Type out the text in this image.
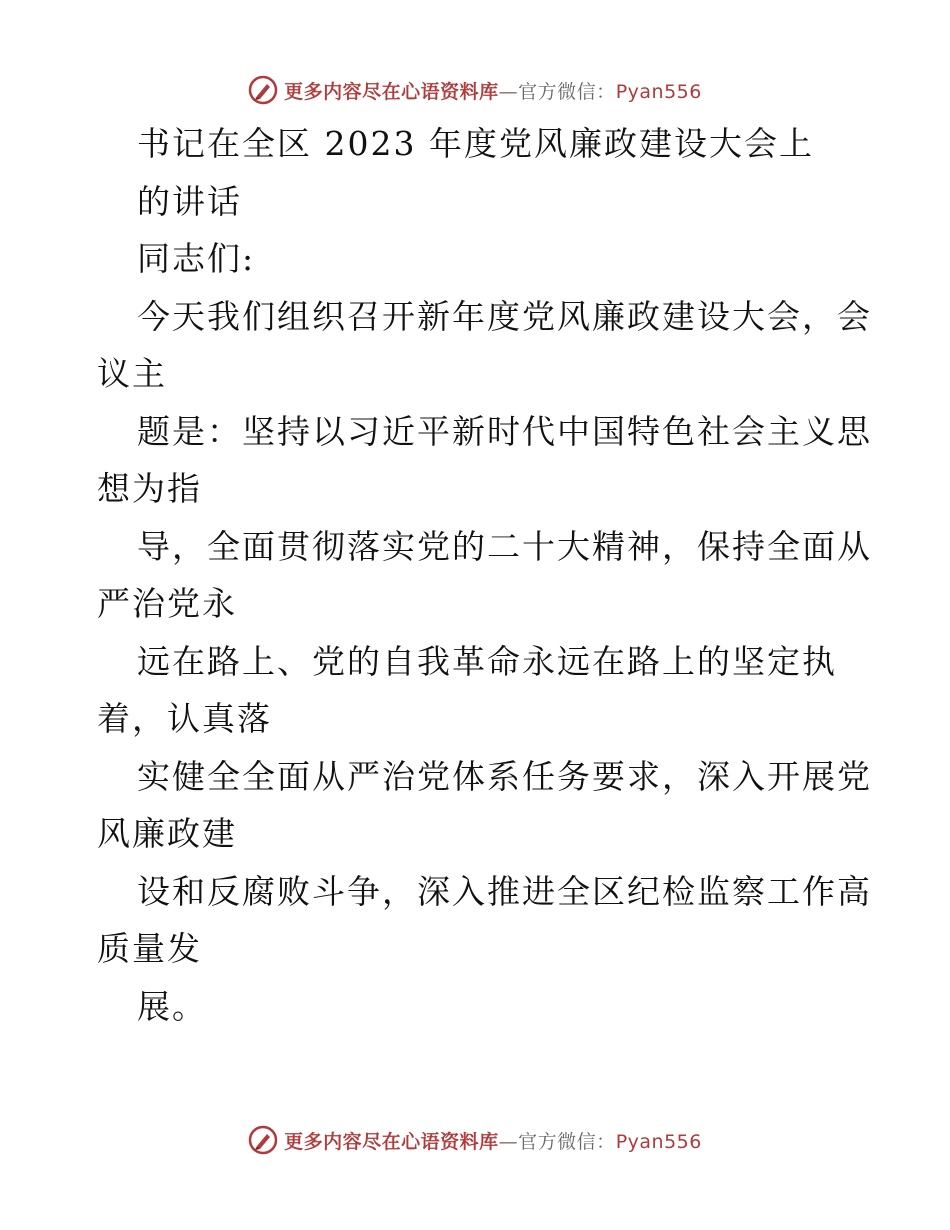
更多内容尽在心语资料库—官方微信：Pyan556
书记在全区 2023 年度党风廉政建设大会上
的讲话
同志们:
今天我们组织召开新年度党风廉政建设大会，会
议主
题是：坚持以习近平新时代中国特色社会主义思
想为指
导，全面贯彻落实党的二十大精神，保持全面从
严治党永
远在路上、党的自我革命永远在路上的坚定执
着，认真落
实健全全面从严治党体系任务要求，深入开展党
风廉政建
设和反腐败斗争，深入推进全区纪检监察工作高
质量发
展。
更多内容尽在心语资料库—官方微信：Pyan556
